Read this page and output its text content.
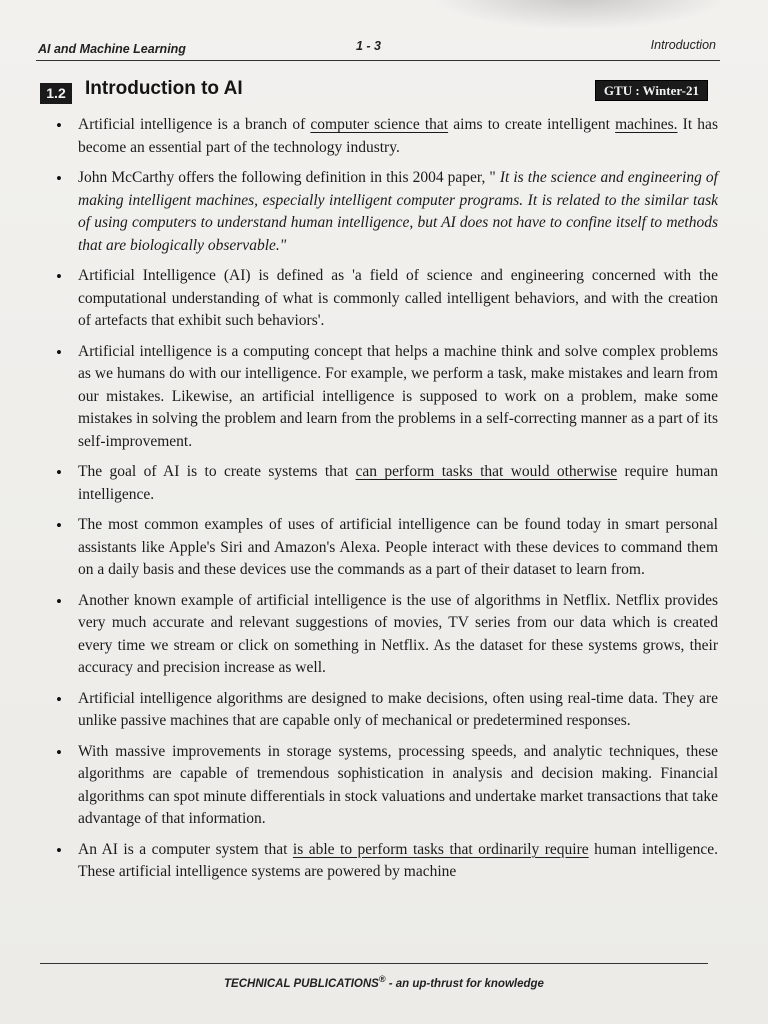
AI and Machine Learning	1 - 3	Introduction
1.2	Introduction to AI	GTU : Winter-21
• Artificial intelligence is a branch of computer science that aims to create intelligent machines. It has become an essential part of the technology industry.
• John McCarthy offers the following definition in this 2004 paper, " It is the science and engineering of making intelligent machines, especially intelligent computer programs. It is related to the similar task of using computers to understand human intelligence, but AI does not have to confine itself to methods that are biologically observable."
• Artificial Intelligence (AI) is defined as 'a field of science and engineering concerned with the computational understanding of what is commonly called intelligent behaviors, and with the creation of artefacts that exhibit such behaviors'.
• Artificial intelligence is a computing concept that helps a machine think and solve complex problems as we humans do with our intelligence. For example, we perform a task, make mistakes and learn from our mistakes. Likewise, an artificial intelligence is supposed to work on a problem, make some mistakes in solving the problem and learn from the problems in a self-correcting manner as a part of its self-improvement.
• The goal of AI is to create systems that can perform tasks that would otherwise require human intelligence.
• The most common examples of uses of artificial intelligence can be found today in smart personal assistants like Apple's Siri and Amazon's Alexa. People interact with these devices to command them on a daily basis and these devices use the commands as a part of their dataset to learn from.
• Another known example of artificial intelligence is the use of algorithms in Netflix. Netflix provides very much accurate and relevant suggestions of movies, TV series from our data which is created every time we stream or click on something in Netflix. As the dataset for these systems grows, their accuracy and precision increase as well.
• Artificial intelligence algorithms are designed to make decisions, often using real-time data. They are unlike passive machines that are capable only of mechanical or predetermined responses.
• With massive improvements in storage systems, processing speeds, and analytic techniques, these algorithms are capable of tremendous sophistication in analysis and decision making. Financial algorithms can spot minute differentials in stock valuations and undertake market transactions that take advantage of that information.
• An AI is a computer system that is able to perform tasks that ordinarily require human intelligence. These artificial intelligence systems are powered by machine
TECHNICAL PUBLICATIONS® - an up-thrust for knowledge
